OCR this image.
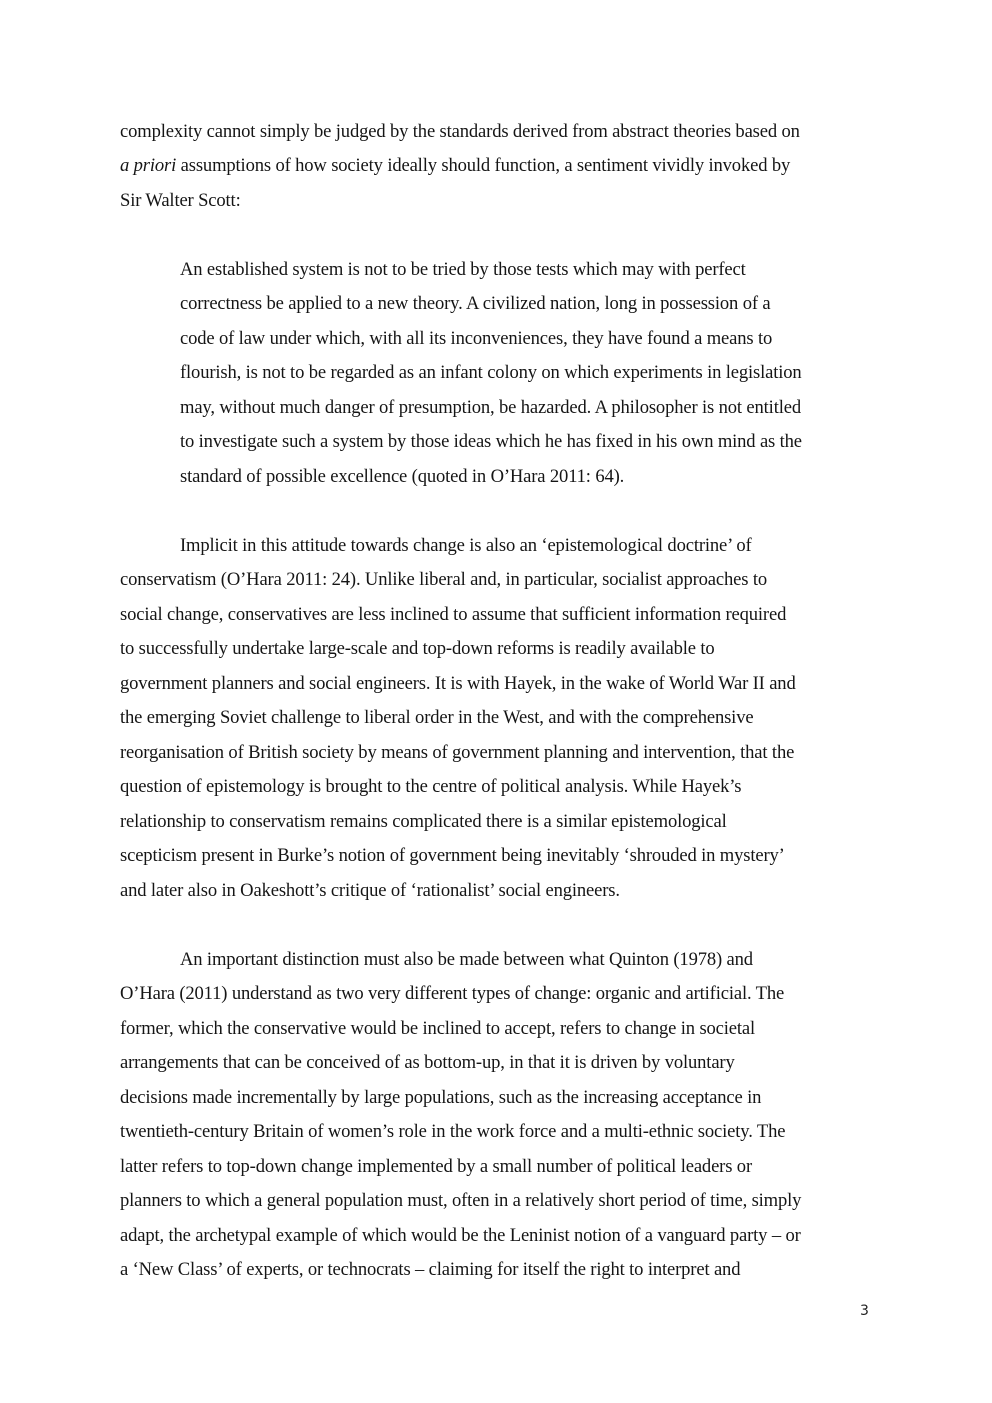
complexity cannot simply be judged by the standards derived from abstract theories based on
a priori assumptions of how society ideally should function, a sentiment vividly invoked by
Sir Walter Scott:
An established system is not to be tried by those tests which may with perfect
correctness be applied to a new theory. A civilized nation, long in possession of a
code of law under which, with all its inconveniences, they have found a means to
flourish, is not to be regarded as an infant colony on which experiments in legislation
may, without much danger of presumption, be hazarded. A philosopher is not entitled
to investigate such a system by those ideas which he has fixed in his own mind as the
standard of possible excellence (quoted in O’Hara 2011: 64).
Implicit in this attitude towards change is also an ‘epistemological doctrine’ of
conservatism (O’Hara 2011: 24). Unlike liberal and, in particular, socialist approaches to
social change, conservatives are less inclined to assume that sufficient information required
to successfully undertake large-scale and top-down reforms is readily available to
government planners and social engineers. It is with Hayek, in the wake of World War II and
the emerging Soviet challenge to liberal order in the West, and with the comprehensive
reorganisation of British society by means of government planning and intervention, that the
question of epistemology is brought to the centre of political analysis. While Hayek’s
relationship to conservatism remains complicated there is a similar epistemological
scepticism present in Burke’s notion of government being inevitably ‘shrouded in mystery’
and later also in Oakeshott’s critique of ‘rationalist’ social engineers.
An important distinction must also be made between what Quinton (1978) and
O’Hara (2011) understand as two very different types of change: organic and artificial. The
former, which the conservative would be inclined to accept, refers to change in societal
arrangements that can be conceived of as bottom-up, in that it is driven by voluntary
decisions made incrementally by large populations, such as the increasing acceptance in
twentieth-century Britain of women’s role in the work force and a multi-ethnic society. The
latter refers to top-down change implemented by a small number of political leaders or
planners to which a general population must, often in a relatively short period of time, simply
adapt, the archetypal example of which would be the Leninist notion of a vanguard party – or
a ‘New Class’ of experts, or technocrats – claiming for itself the right to interpret and
3
